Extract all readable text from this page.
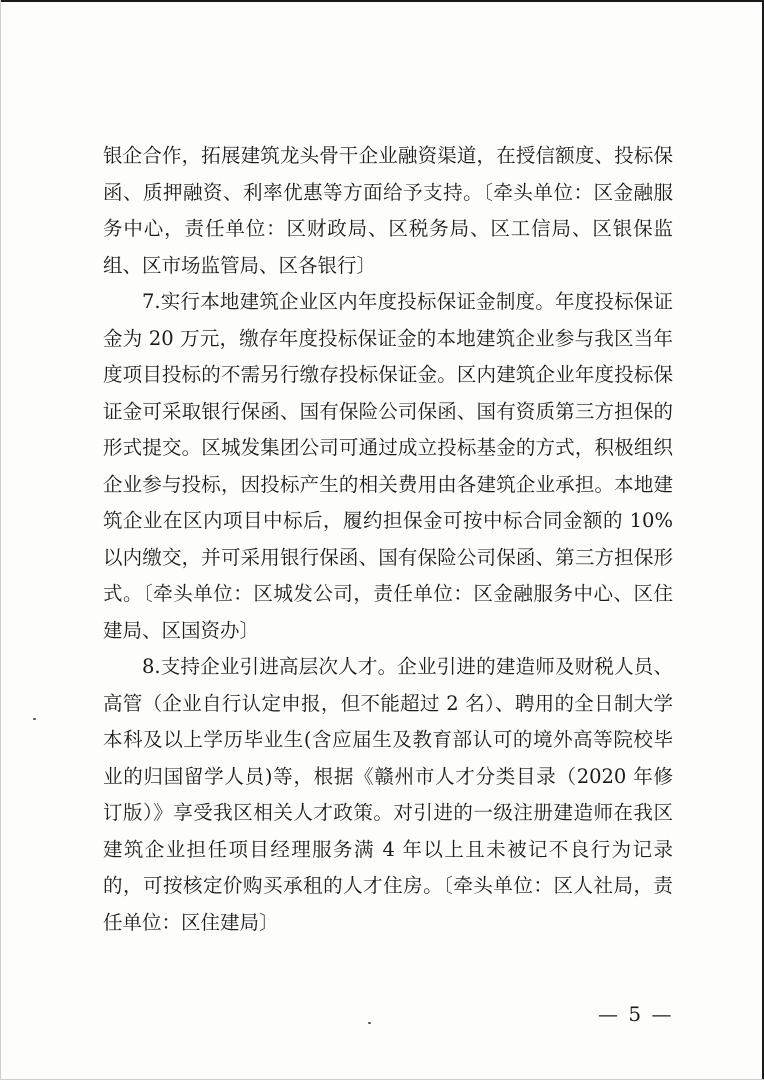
银企合作，拓展建筑龙头骨干企业融资渠道，在授信额度、投标保函、质押融资、利率优惠等方面给予支持。〔牵头单位：区金融服务中心，责任单位：区财政局、区税务局、区工信局、区银保监组、区市场监管局、区各银行〕

7.实行本地建筑企业区内年度投标保证金制度。年度投标保证金为 20 万元，缴存年度投标保证金的本地建筑企业参与我区当年度项目投标的不需另行缴存投标保证金。区内建筑企业年度投标保证金可采取银行保函、国有保险公司保函、国有资质第三方担保的形式提交。区城发集团公司可通过成立投标基金的方式，积极组织企业参与投标，因投标产生的相关费用由各建筑企业承担。本地建筑企业在区内项目中标后，履约担保金可按中标合同金额的 10%以内缴交，并可采用银行保函、国有保险公司保函、第三方担保形式。〔牵头单位：区城发公司，责任单位：区金融服务中心、区住建局、区国资办〕

8.支持企业引进高层次人才。企业引进的建造师及财税人员、高管（企业自行认定申报，但不能超过 2 名）、聘用的全日制大学本科及以上学历毕业生(含应届生及教育部认可的境外高等院校毕业的归国留学人员)等，根据《赣州市人才分类目录（2020 年修订版）》享受我区相关人才政策。对引进的一级注册建造师在我区建筑企业担任项目经理服务满 4 年以上且未被记不良行为记录的，可按核定价购买承租的人才住房。〔牵头单位：区人社局，责任单位：区住建局〕

— 5 —
